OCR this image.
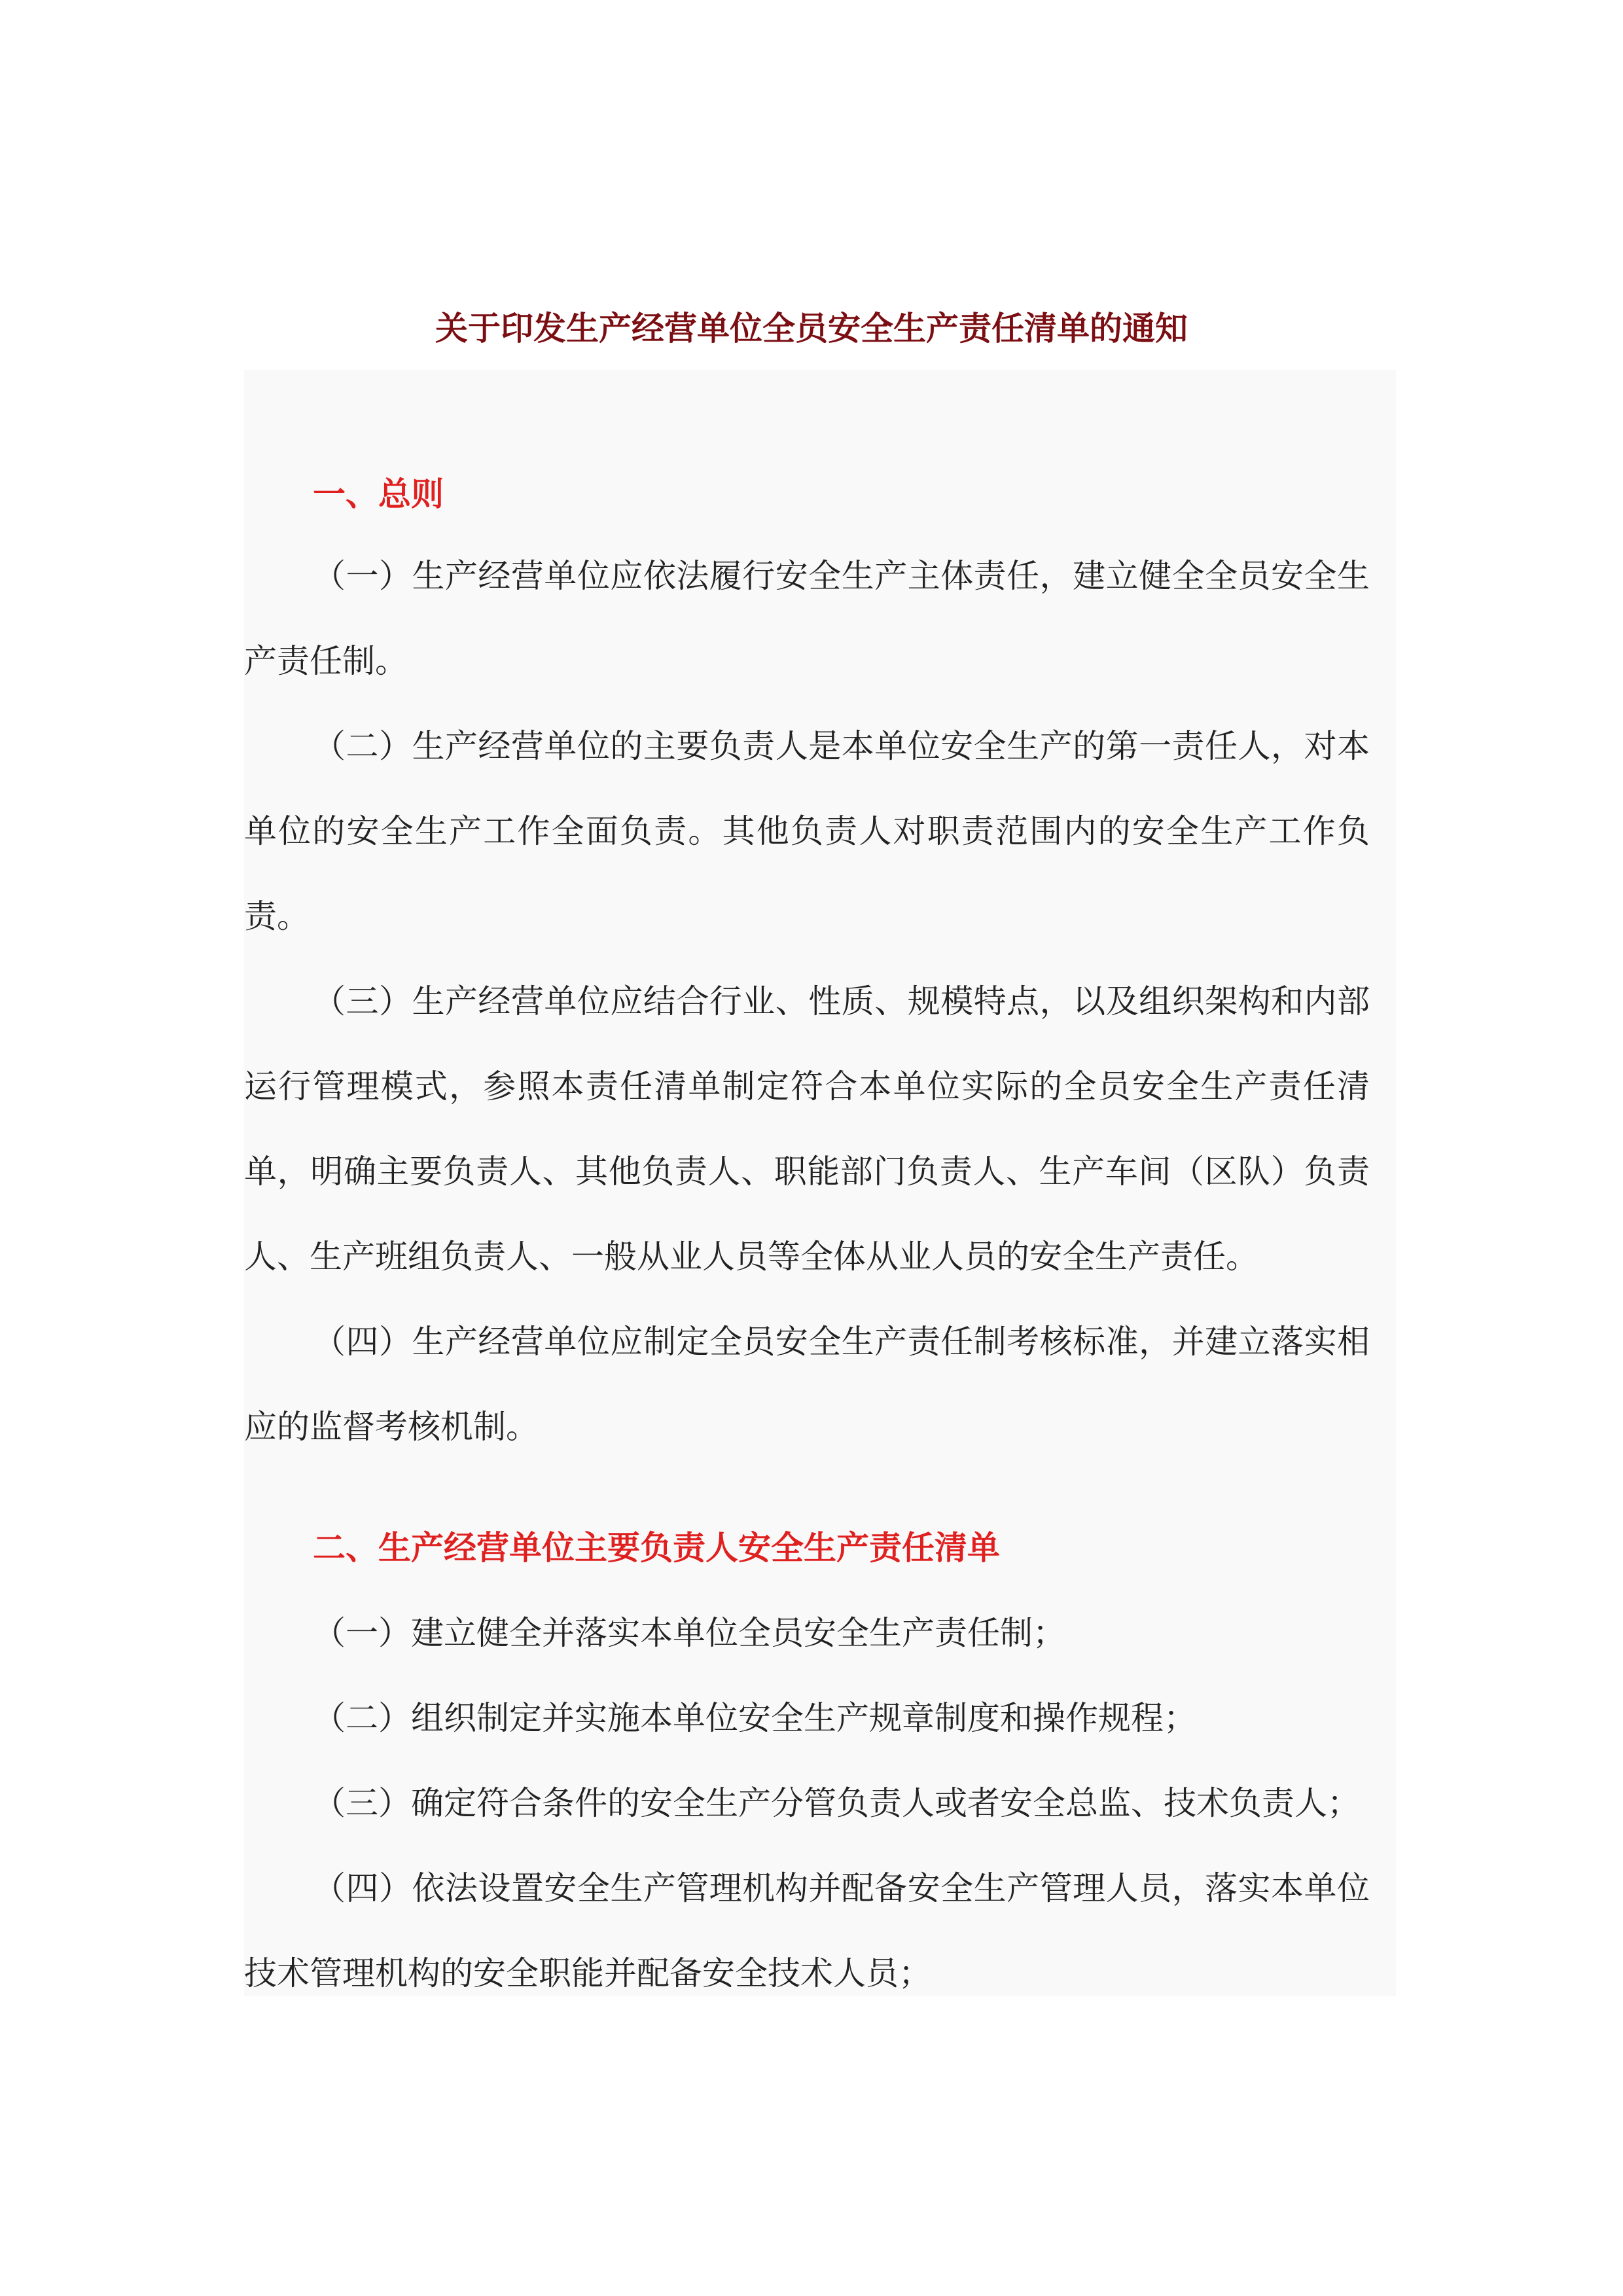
关于印发生产经营单位全员安全生产责任清单的通知
一、总则

（一）生产经营单位应依法履行安全生产主体责任，建立健全全员安全生产责任制。

（二）生产经营单位的主要负责人是本单位安全生产的第一责任人，对本单位的安全生产工作全面负责。其他负责人对职责范围内的安全生产工作负责。

（三）生产经营单位应结合行业、性质、规模特点，以及组织架构和内部运行管理模式，参照本责任清单制定符合本单位实际的全员安全生产责任清单，明确主要负责人、其他负责人、职能部门负责人、生产车间（区队）负责人、生产班组负责人、一般从业人员等全体从业人员的安全生产责任。

（四）生产经营单位应制定全员安全生产责任制考核标准，并建立落实相应的监督考核机制。

二、生产经营单位主要负责人安全生产责任清单

（一）建立健全并落实本单位全员安全生产责任制；

（二）组织制定并实施本单位安全生产规章制度和操作规程；

（三）确定符合条件的安全生产分管负责人或者安全总监、技术负责人；

（四）依法设置安全生产管理机构并配备安全生产管理人员，落实本单位技术管理机构的安全职能并配备安全技术人员；
